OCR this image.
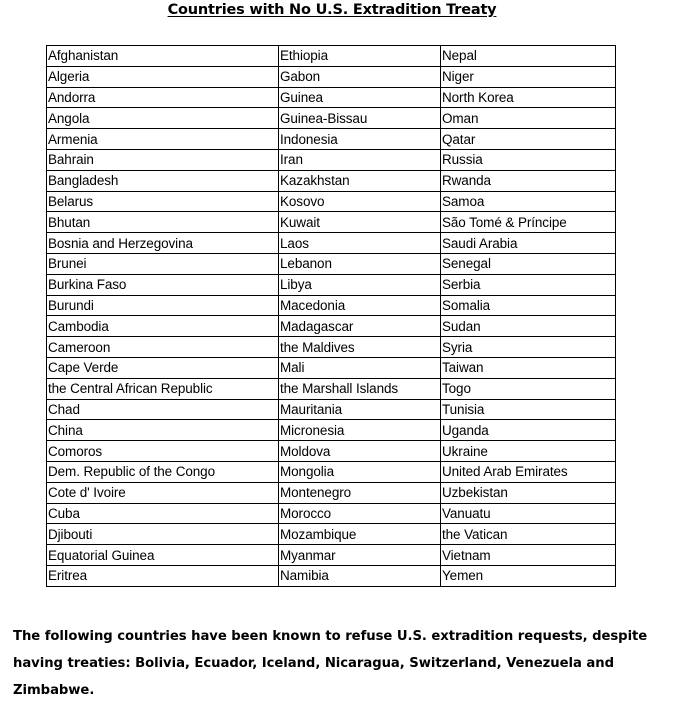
Countries with No U.S. Extradition Treaty
Afghanistan	Ethiopia	Nepal
Algeria	Gabon	Niger
Andorra	Guinea	North Korea
Angola	Guinea-Bissau	Oman
Armenia	Indonesia	Qatar
Bahrain	Iran	Russia
Bangladesh	Kazakhstan	Rwanda
Belarus	Kosovo	Samoa
Bhutan	Kuwait	São Tomé & Príncipe
Bosnia and Herzegovina	Laos	Saudi Arabia
Brunei	Lebanon	Senegal
Burkina Faso	Libya	Serbia
Burundi	Macedonia	Somalia
Cambodia	Madagascar	Sudan
Cameroon	the Maldives	Syria
Cape Verde	Mali	Taiwan
the Central African Republic	the Marshall Islands	Togo
Chad	Mauritania	Tunisia
China	Micronesia	Uganda
Comoros	Moldova	Ukraine
Dem. Republic of the Congo	Mongolia	United Arab Emirates
Cote d' Ivoire	Montenegro	Uzbekistan
Cuba	Morocco	Vanuatu
Djibouti	Mozambique	the Vatican
Equatorial Guinea	Myanmar	Vietnam
Eritrea	Namibia	Yemen
The following countries have been known to refuse U.S. extradition requests, despite having treaties: Bolivia, Ecuador, Iceland, Nicaragua, Switzerland, Venezuela and Zimbabwe.
